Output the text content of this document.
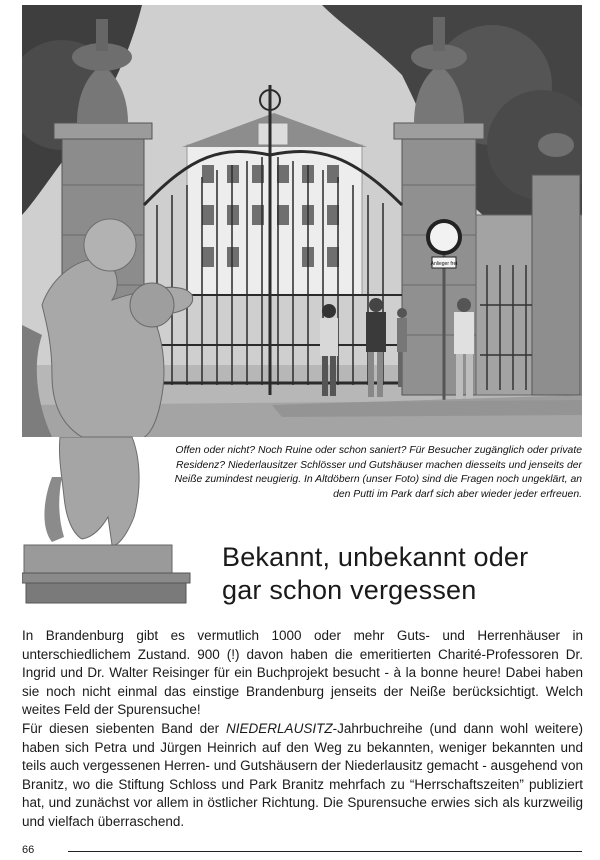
Anlieger frei
Offen oder nicht? Noch Ruine oder schon saniert? Für Besucher zugänglich oder private Residenz? Niederlausitzer Schlösser und Gutshäuser machen diesseits und jenseits der Neiße zumindest neugierig. In Altdöbern (unser Foto) sind die Fragen noch ungeklärt, an den Putti im Park darf sich aber wieder jeder erfreuen.
Bekannt, unbekannt oder
gar schon vergessen

In Brandenburg gibt es vermutlich 1000 oder mehr Guts- und Herrenhäuser in unterschiedlichem Zustand. 900 (!) davon haben die emeritierten Charité-Professoren Dr. Ingrid und Dr. Walter Reisinger für ein Buchprojekt besucht - à la bonne heure! Dabei haben sie noch nicht einmal das einstige Brandenburg jenseits der Neiße berücksichtigt. Welch weites Feld der Spurensuche!

Für diesen siebenten Band der NIEDERLAUSITZ-Jahrbuchreihe (und dann wohl weitere) haben sich Petra und Jürgen Heinrich auf den Weg zu bekannten, weniger bekannten und teils auch vergessenen Herren- und Gutshäusern der Niederlausitz gemacht - ausgehend von Branitz, wo die Stiftung Schloss und Park Branitz mehrfach zu “Herrschaftszeiten” publiziert hat, und zunächst vor allem in östlicher Richtung. Die Spurensuche erwies sich als kurzweilig und vielfach überraschend.

66
